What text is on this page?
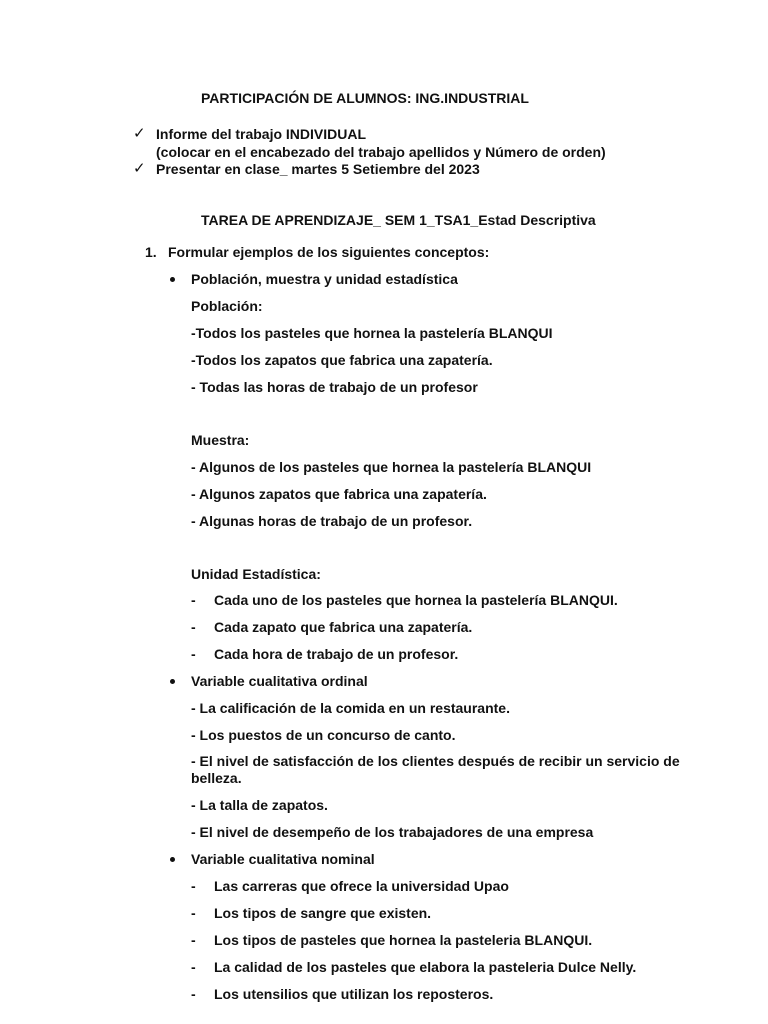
PARTICIPACIÓN DE ALUMNOS: ING.INDUSTRIAL
✓ Informe del trabajo INDIVIDUAL
(colocar en el encabezado del trabajo apellidos y Número de orden)
✓ Presentar en clase_ martes 5 Setiembre del 2023
TAREA DE APRENDIZAJE_ SEM 1_TSA1_Estad Descriptiva
1. Formular ejemplos de los siguientes conceptos:
Población, muestra y unidad estadística
Población:
-Todos los pasteles que hornea la pastelería BLANQUI
-Todos los zapatos que fabrica una zapatería.
- Todas las horas de trabajo de un profesor
Muestra:
- Algunos de los pasteles que hornea la pastelería BLANQUI
- Algunos zapatos que fabrica una zapatería.
- Algunas horas de trabajo de un profesor.
Unidad Estadística:
- Cada uno de los pasteles que hornea la pastelería BLANQUI.
- Cada zapato que fabrica una zapatería.
- Cada hora de trabajo de un profesor.
Variable cualitativa ordinal
- La calificación de la comida en un restaurante.
- Los puestos de un concurso de canto.
- El nivel de satisfacción de los clientes después de recibir un servicio de
belleza.
- La talla de zapatos.
- El nivel de desempeño de los trabajadores de una empresa
Variable cualitativa nominal
- Las carreras que ofrece la universidad Upao
- Los tipos de sangre que existen.
- Los tipos de pasteles que hornea la pasteleria BLANQUI.
- La calidad de los pasteles que elabora la pasteleria Dulce Nelly.
- Los utensilios que utilizan los reposteros.
